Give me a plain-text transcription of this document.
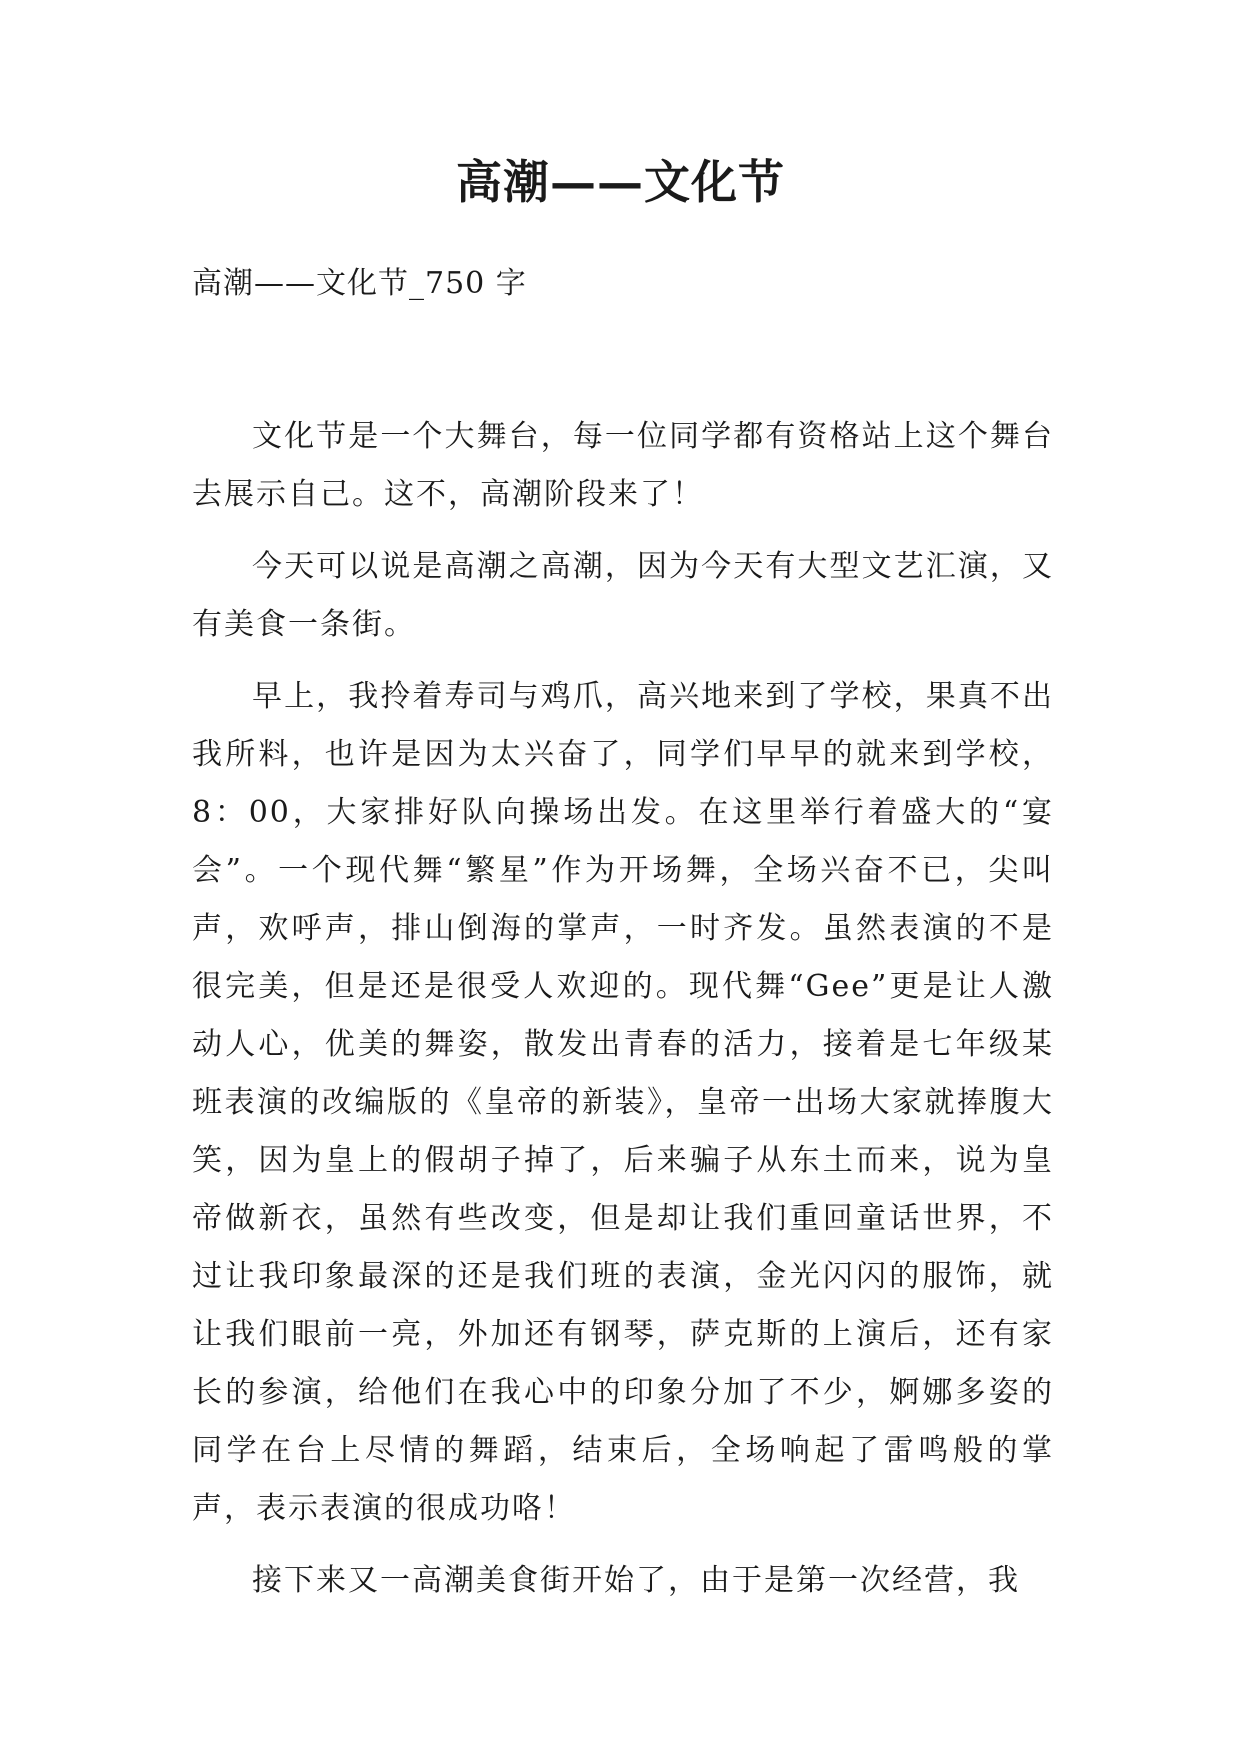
高潮——文化节

高潮——文化节_750 字

文化节是一个大舞台，每一位同学都有资格站上这个舞台去展示自己。这不，高潮阶段来了！

今天可以说是高潮之高潮，因为今天有大型文艺汇演，又有美食一条街。

早上，我拎着寿司与鸡爪，高兴地来到了学校，果真不出我所料，也许是因为太兴奋了，同学们早早的就来到学校，8：00，大家排好队向操场出发。在这里举行着盛大的“宴会”。一个现代舞“繁星”作为开场舞，全场兴奋不已，尖叫声，欢呼声，排山倒海的掌声，一时齐发。虽然表演的不是很完美，但是还是很受人欢迎的。现代舞“Gee”更是让人激动人心，优美的舞姿，散发出青春的活力，接着是七年级某班表演的改编版的《皇帝的新装》，皇帝一出场大家就捧腹大笑，因为皇上的假胡子掉了，后来骗子从东土而来，说为皇帝做新衣，虽然有些改变，但是却让我们重回童话世界，不过让我印象最深的还是我们班的表演，金光闪闪的服饰，就让我们眼前一亮，外加还有钢琴，萨克斯的上演后，还有家长的参演，给他们在我心中的印象分加了不少，婀娜多姿的同学在台上尽情的舞蹈，结束后，全场响起了雷鸣般的掌声，表示表演的很成功咯！

接下来又一高潮美食街开始了，由于是第一次经营，我
